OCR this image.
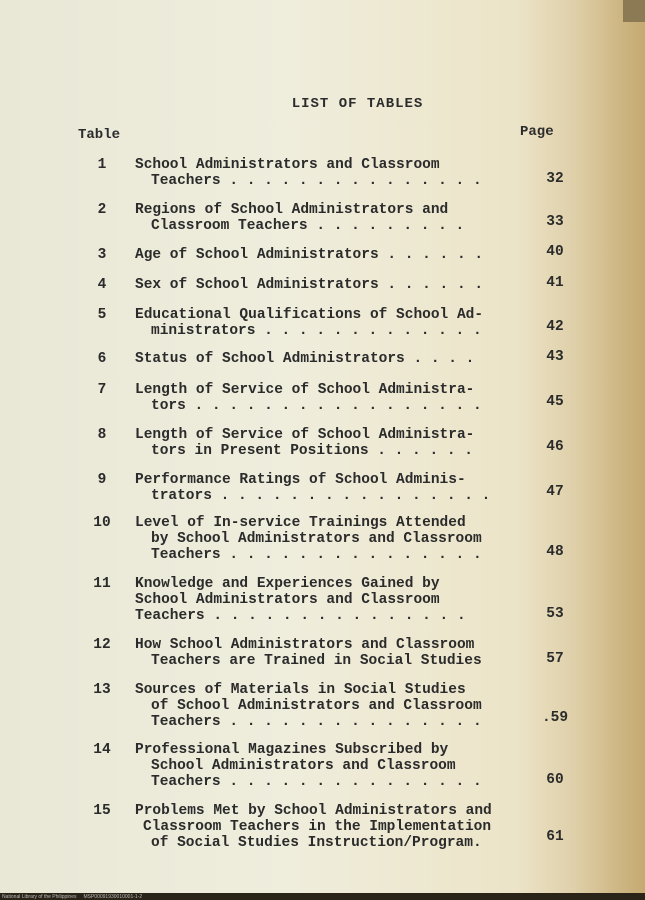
LIST OF TABLES
Table	Page
1	School Administrators and Classroom
Teachers . . . . . . . . . . . . . . .	32
2	Regions of School Administrators and
Classroom Teachers . . . . . . . . .	33
3	Age of School Administrators . . . . . .	40
4	Sex of School Administrators . . . . . .	41
5	Educational Qualifications of School Ad-
ministrators . . . . . . . . . . . . .	42
6	Status of School Administrators . . . .	43
7	Length of Service of School Administra-
tors . . . . . . . . . . . . . . . . .	45
8	Length of Service of School Administra-
tors in Present Positions . . . . . .	46
9	Performance Ratings of School Adminis-
trators . . . . . . . . . . . . . . . .	47
10	Level of In-service Trainings Attended
by School Administrators and Classroom
Teachers . . . . . . . . . . . . . . .	48
11	Knowledge and Experiences Gained by
School Administrators and Classroom
Teachers . . . . . . . . . . . . . . .	53
12	How School Administrators and Classroom
Teachers are Trained in Social Studies	57
13	Sources of Materials in Social Studies
of School Administrators and Classroom
Teachers . . . . . . . . . . . . . . .	.59
14	Professional Magazines Subscribed by
School Administrators and Classroom
Teachers . . . . . . . . . . . . . . .	60
15	Problems Met by School Administrators and
Classroom Teachers in the Implementation
of Social Studies Instruction/Program.	61
National Library of the Philippines MSP00091930010001-1-2
